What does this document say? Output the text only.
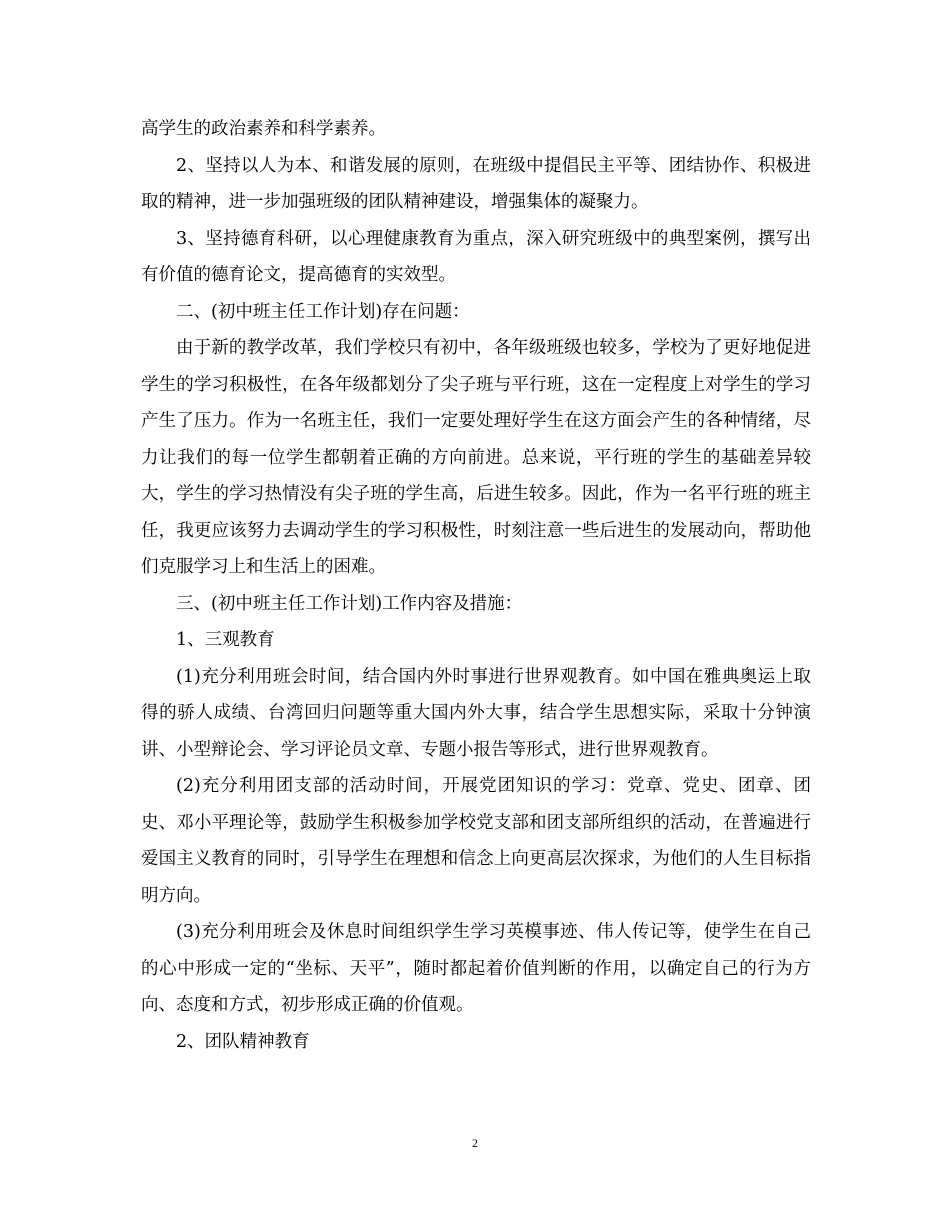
高学生的政治素养和科学素养。

2、坚持以人为本、和谐发展的原则，在班级中提倡民主平等、团结协作、积极进取的精神，进一步加强班级的团队精神建设，增强集体的凝聚力。

3、坚持德育科研，以心理健康教育为重点，深入研究班级中的典型案例，撰写出有价值的德育论文，提高德育的实效型。

二、(初中班主任工作计划)存在问题：

由于新的教学改革，我们学校只有初中，各年级班级也较多，学校为了更好地促进学生的学习积极性，在各年级都划分了尖子班与平行班，这在一定程度上对学生的学习产生了压力。作为一名班主任，我们一定要处理好学生在这方面会产生的各种情绪，尽力让我们的每一位学生都朝着正确的方向前进。总来说，平行班的学生的基础差异较大，学生的学习热情没有尖子班的学生高，后进生较多。因此，作为一名平行班的班主任，我更应该努力去调动学生的学习积极性，时刻注意一些后进生的发展动向，帮助他们克服学习上和生活上的困难。

三、(初中班主任工作计划)工作内容及措施：

1、三观教育

(1)充分利用班会时间，结合国内外时事进行世界观教育。如中国在雅典奥运上取得的骄人成绩、台湾回归问题等重大国内外大事，结合学生思想实际，采取十分钟演讲、小型辩论会、学习评论员文章、专题小报告等形式，进行世界观教育。

(2)充分利用团支部的活动时间，开展党团知识的学习：党章、党史、团章、团史、邓小平理论等，鼓励学生积极参加学校党支部和团支部所组织的活动，在普遍进行爱国主义教育的同时，引导学生在理想和信念上向更高层次探求，为他们的人生目标指明方向。

(3)充分利用班会及休息时间组织学生学习英模事迹、伟人传记等，使学生在自己的心中形成一定的“坐标、天平”，随时都起着价值判断的作用，以确定自己的行为方向、态度和方式，初步形成正确的价值观。

2、团队精神教育

2
